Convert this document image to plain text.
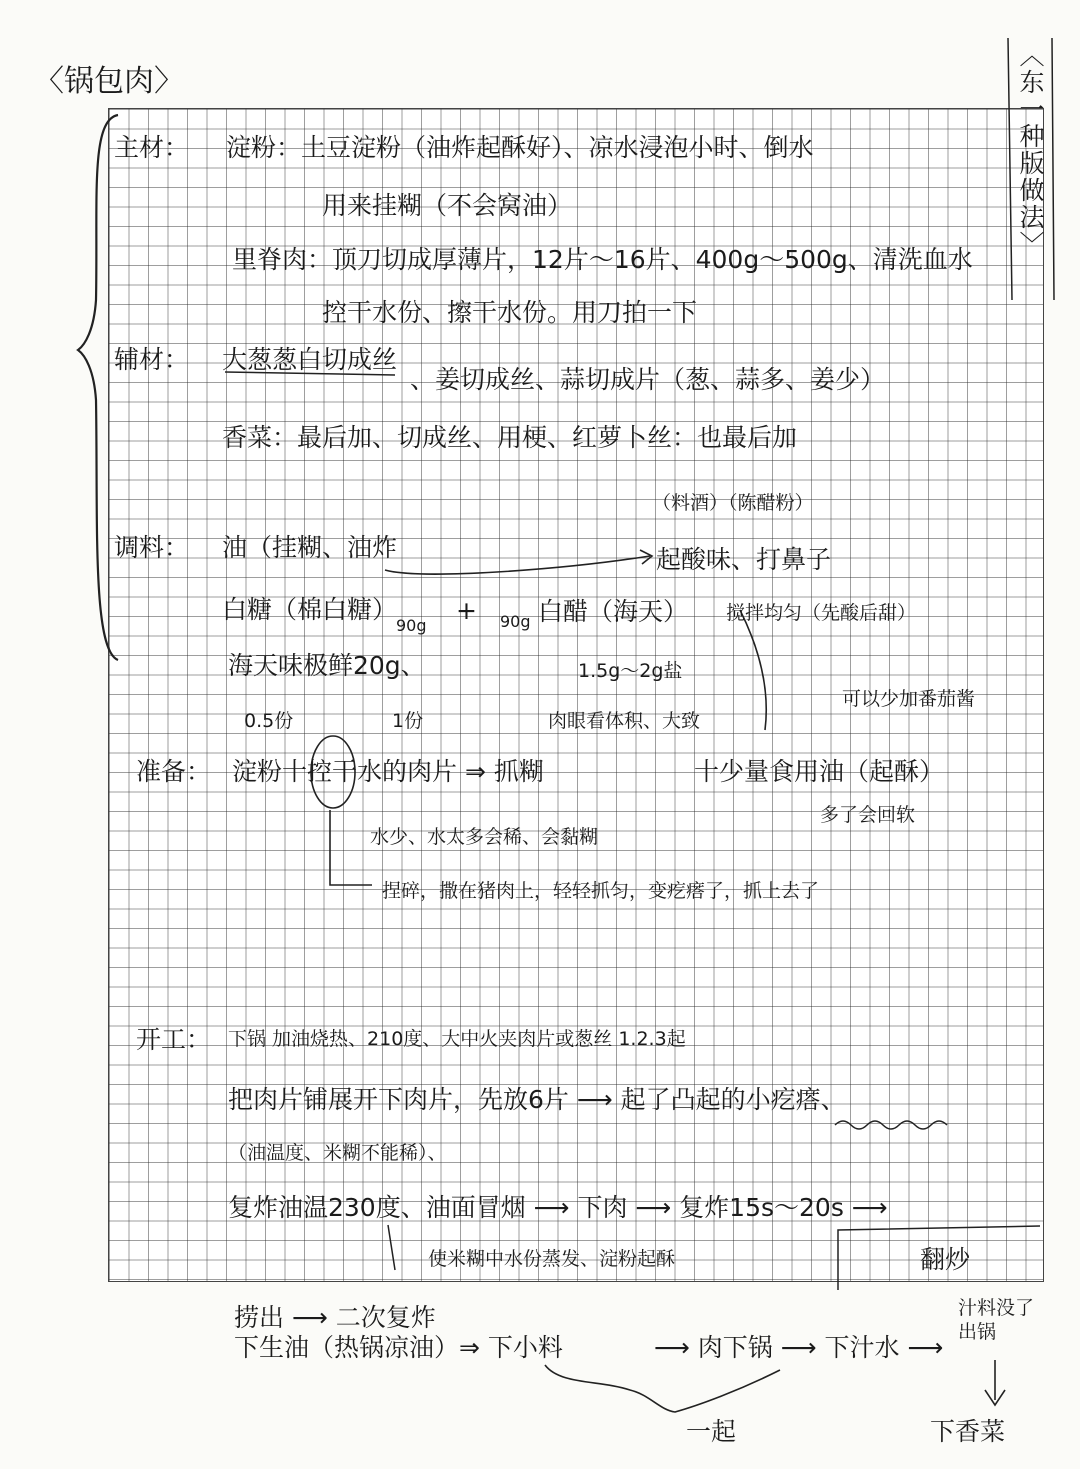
〈锅包肉〉	〈东一种版做法〉
主材： 淀粉：土豆淀粉（油炸起酥好）、凉水浸泡小时、倒水
用来挂糊（不会窝油）
里脊肉：顶刀切成厚薄片，12片～16片、400g～500g、清洗血水
控干水份、擦干水份。用刀拍一下
辅材： 大葱葱白切成丝
、姜切成丝、蒜切成片（葱、蒜多、姜少）
香菜：最后加、切成丝、用梗、红萝卜丝：也最后加
（料酒）（陈醋粉）
调料： 油（挂糊、油炸	起酸味、打鼻子
白糖（棉白糖）
90g
+ 90g 白醋（海天） 搅拌均匀（先酸后甜）
海天味极鲜20g、	1.5g～2g盐
0.5份	1份	肉眼看体积、大致
可以少加番茄酱
准备： 淀粉十控干水的肉片 ⇒ 抓糊	十少量食用油（起酥）
多了会回软
水少、水太多会稀、会黏糊
捏碎，撒在猪肉上，轻轻抓匀，变疙瘩了，抓上去了
开工： 下锅 加油烧热、210度、大中火夹肉片或葱丝 1.2.3起
把肉片铺展开下肉片，先放6片 ⟶ 起了凸起的小疙瘩、
（油温度、米糊不能稀）、
复炸油温230度、油面冒烟 ⟶ 下肉 ⟶ 复炸15s～20s ⟶
翻炒
使米糊中水份蒸发、淀粉起酥
捞出 ⟶ 二次复炸
下生油（热锅凉油）⇒ 下小料	⟶ 肉下锅 ⟶ 下汁水 ⟶
汁料没了 出锅
一起	下香菜
